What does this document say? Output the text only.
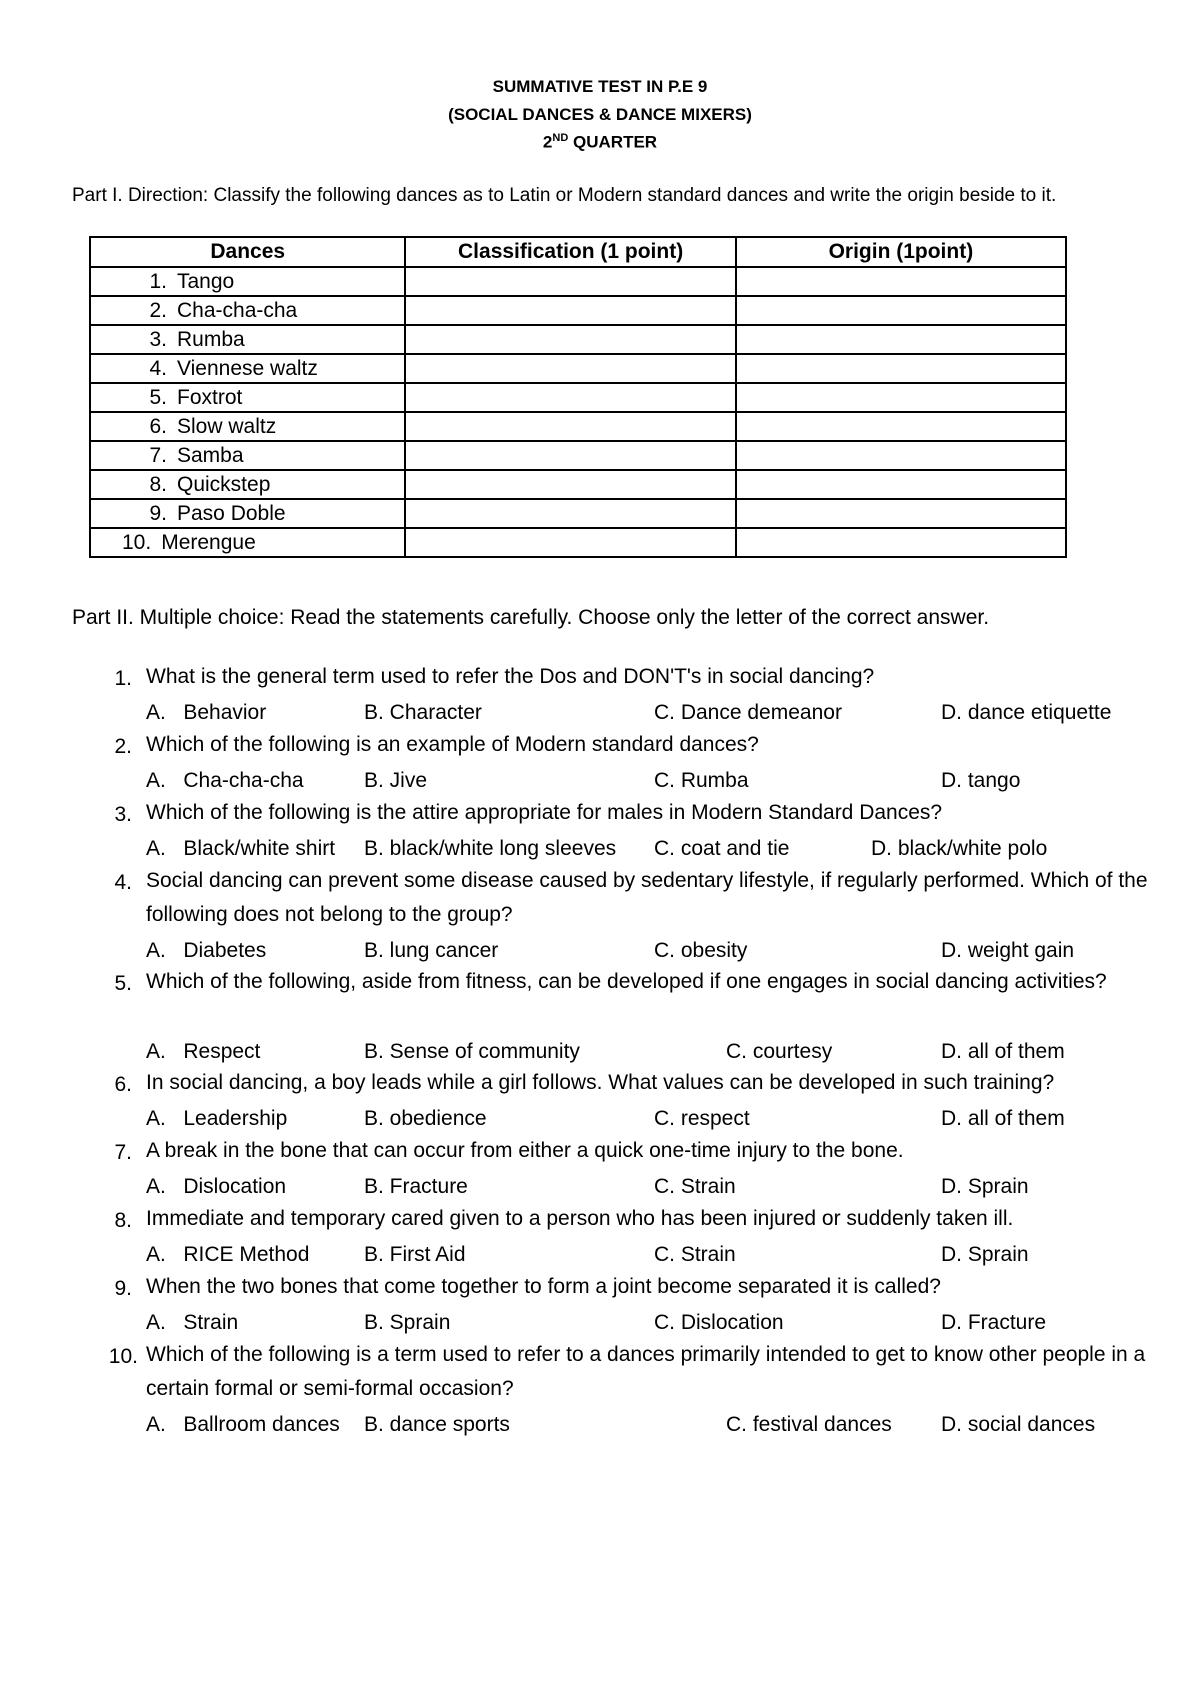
SUMMATIVE TEST IN P.E 9
(SOCIAL DANCES & DANCE MIXERS)
2ND QUARTER
Part I. Direction: Classify the following dances as to Latin or Modern standard dances and write the origin beside to it.
Dances	Classification (1 point)	Origin (1point)
1. Tango		
2. Cha-cha-cha		
3. Rumba		
4. Viennese waltz		
5. Foxtrot		
6. Slow waltz		
7. Samba		
8. Quickstep		
9. Paso Doble		
10. Merengue		
Part II. Multiple choice: Read the statements carefully. Choose only the letter of the correct answer.
1. What is the general term used to refer the Dos and DON'T's in social dancing?
A.   Behavior	B. Character	C. Dance demeanor	D. dance etiquette
2. Which of the following is an example of Modern standard dances?
A.   Cha-cha-cha	B. Jive	C. Rumba	D. tango
3. Which of the following is the attire appropriate for males in Modern Standard Dances?
A.   Black/white shirt B. black/white long sleeves C. coat and tie	D. black/white polo
4. Social dancing can prevent some disease caused by sedentary lifestyle, if regularly performed. Which of the following does not belong to the group?
A.   Diabetes	B. lung cancer	C. obesity	D. weight gain
5. Which of the following, aside from fitness, can be developed if one engages in social dancing activities?
A.   Respect	B. Sense of community	C. courtesy	D. all of them
6. In social dancing, a boy leads while a girl follows. What values can be developed in such training?
A.   Leadership	B. obedience	C. respect	D. all of them
7. A break in the bone that can occur from either a quick one-time injury to the bone.
A.   Dislocation	B. Fracture	C. Strain	D. Sprain
8. Immediate and temporary cared given to a person who has been injured or suddenly taken ill.
A.   RICE Method	B. First Aid	C. Strain	D. Sprain
9. When the two bones that come together to form a joint become separated it is called?
A.   Strain	B. Sprain	C. Dislocation	D. Fracture
10. Which of the following is a term used to refer to a dances primarily intended to get to know other people in a certain formal or semi-formal occasion?
A.   Ballroom dances B. dance sports	C. festival dances D. social dances
